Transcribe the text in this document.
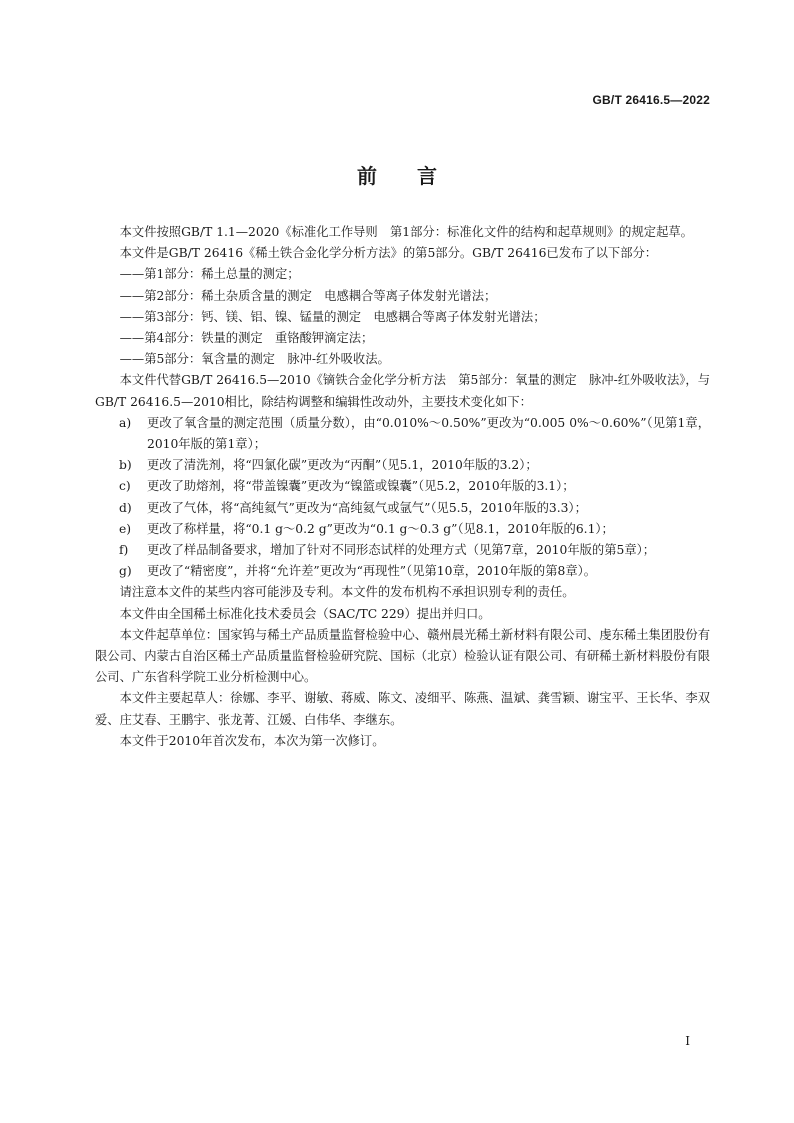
GB/T 26416.5—2022
前言

本文件按照GB/T 1.1—2020《标准化工作导则　第1部分：标准化文件的结构和起草规则》的规定起草。

本文件是GB/T 26416《稀土铁合金化学分析方法》的第5部分。GB/T 26416已发布了以下部分：

——第1部分：稀土总量的测定；

——第2部分：稀土杂质含量的测定　电感耦合等离子体发射光谱法；

——第3部分：钙、镁、铝、镍、锰量的测定　电感耦合等离子体发射光谱法；

——第4部分：铁量的测定　重铬酸钾滴定法；

——第5部分：氧含量的测定　脉冲-红外吸收法。

本文件代替GB/T 26416.5—2010《镝铁合金化学分析方法　第5部分：氧量的测定　脉冲-红外吸收法》，与GB/T 26416.5—2010相比，除结构调整和编辑性改动外，主要技术变化如下：

a) 更改了氧含量的测定范围（质量分数），由“0.010%～0.50%”更改为“0.005 0%～0.60%”（见第1章，2010年版的第1章）；

b) 更改了清洗剂，将“四氯化碳”更改为“丙酮”（见5.1，2010年版的3.2）；

c) 更改了助熔剂，将“带盖镍囊”更改为“镍篮或镍囊”（见5.2，2010年版的3.1）；

d) 更改了气体，将“高纯氦气”更改为“高纯氦气或氩气”（见5.5，2010年版的3.3）；

e) 更改了称样量，将“0.1 g～0.2 g”更改为“0.1 g～0.3 g”（见8.1，2010年版的6.1）；

f) 更改了样品制备要求，增加了针对不同形态试样的处理方式（见第7章，2010年版的第5章）；

g) 更改了“精密度”，并将“允许差”更改为“再现性”（见第10章，2010年版的第8章）。

请注意本文件的某些内容可能涉及专利。本文件的发布机构不承担识别专利的责任。

本文件由全国稀土标准化技术委员会（SAC/TC 229）提出并归口。

本文件起草单位：国家钨与稀土产品质量监督检验中心、赣州晨光稀土新材料有限公司、虔东稀土集团股份有限公司、内蒙古自治区稀土产品质量监督检验研究院、国标（北京）检验认证有限公司、有研稀土新材料股份有限公司、广东省科学院工业分析检测中心。

本文件主要起草人：徐娜、李平、谢敏、蒋威、陈文、凌细平、陈燕、温斌、龚雪颖、谢宝平、王长华、李双爱、庄艾春、王鹏宇、张龙菁、江媛、白伟华、李继东。

本文件于2010年首次发布，本次为第一次修订。

I
